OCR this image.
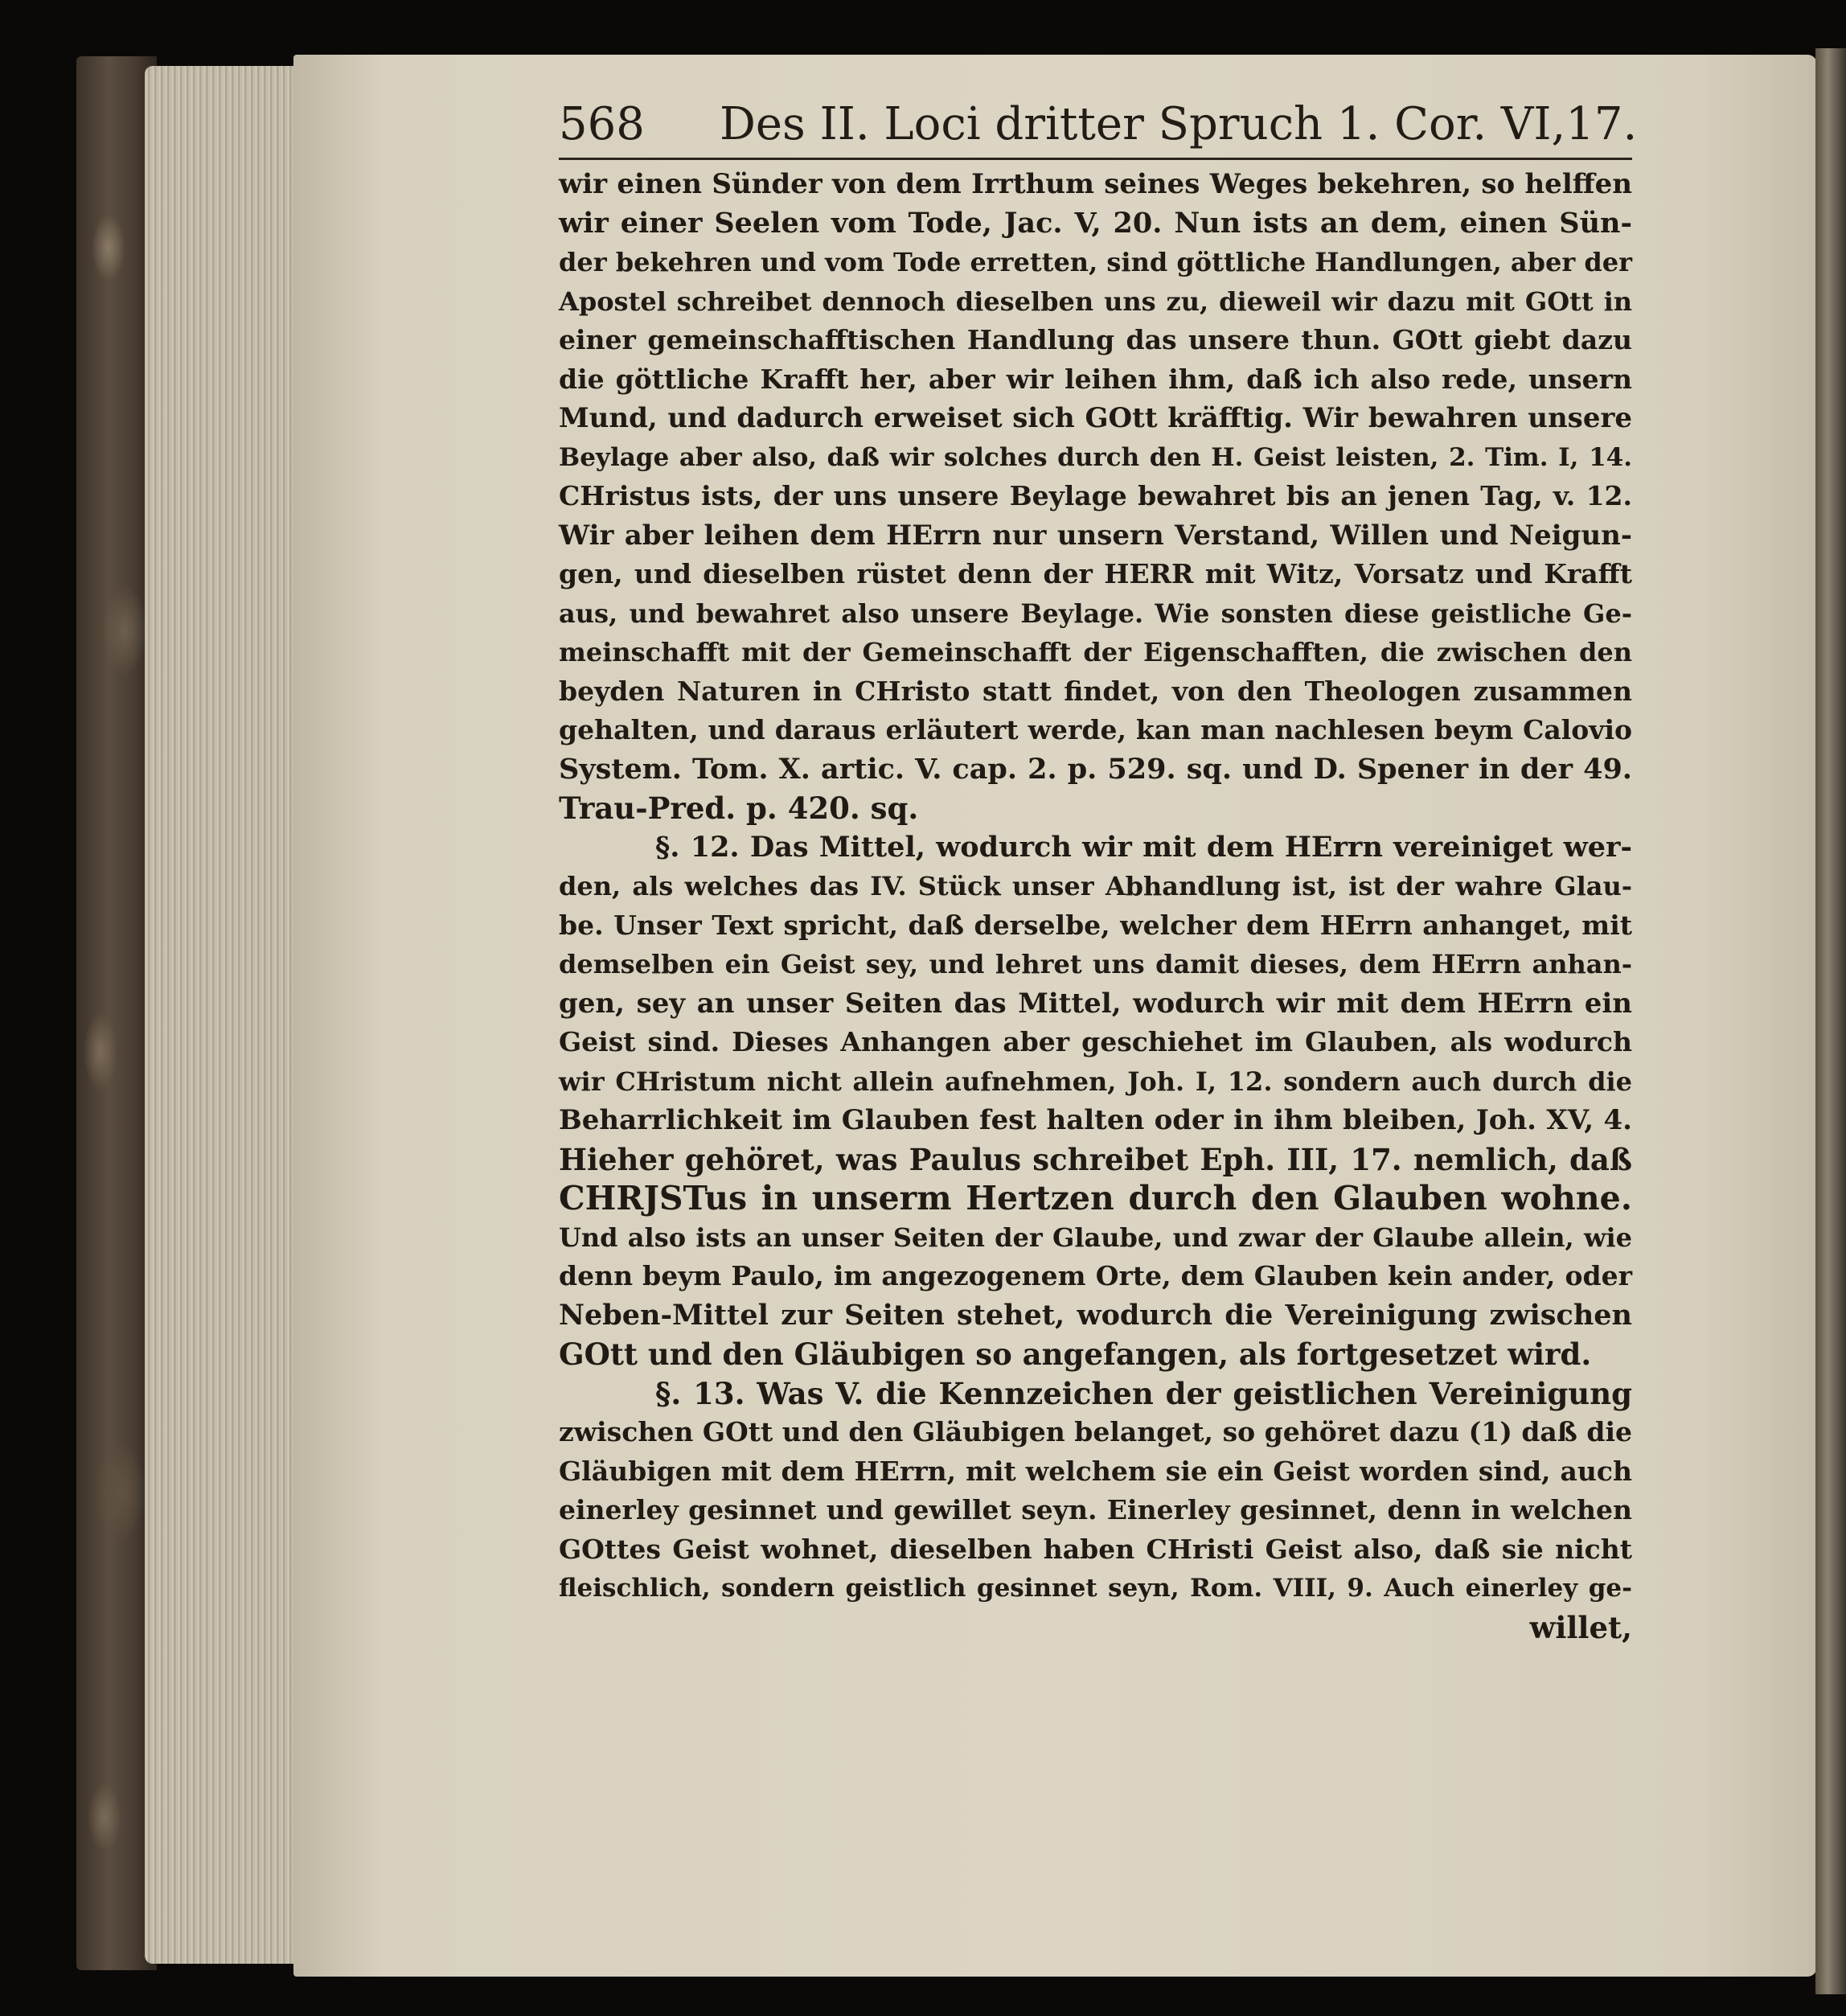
568 Des II. Loci dritter Spruch 1. Cor. VI,17.
wir einen Sünder von dem Irrthum seines Weges bekehren, so helffen
wir einer Seelen vom Tode, Jac. V, 20. Nun ists an dem, einen Sün-
der bekehren und vom Tode erretten, sind göttliche Handlungen, aber der
Apostel schreibet dennoch dieselben uns zu, dieweil wir dazu mit GOtt in
einer gemeinschafftischen Handlung das unsere thun. GOtt giebt dazu
die göttliche Krafft her, aber wir leihen ihm, daß ich also rede, unsern
Mund, und dadurch erweiset sich GOtt kräfftig. Wir bewahren unsere
Beylage aber also, daß wir solches durch den H. Geist leisten, 2. Tim. I, 14.
CHristus ists, der uns unsere Beylage bewahret bis an jenen Tag, v. 12.
Wir aber leihen dem HErrn nur unsern Verstand, Willen und Neigun-
gen, und dieselben rüstet denn der HERR mit Witz, Vorsatz und Krafft
aus, und bewahret also unsere Beylage. Wie sonsten diese geistliche Ge-
meinschafft mit der Gemeinschafft der Eigenschafften, die zwischen den
beyden Naturen in CHristo statt findet, von den Theologen zusammen
gehalten, und daraus erläutert werde, kan man nachlesen beym Calovio
System. Tom. X. artic. V. cap. 2. p. 529. sq. und D. Spener in der 49.
Trau-Pred. p. 420. sq.
§. 12. Das Mittel, wodurch wir mit dem HErrn vereiniget wer-
den, als welches das IV. Stück unser Abhandlung ist, ist der wahre Glau-
be. Unser Text spricht, daß derselbe, welcher dem HErrn anhanget, mit
demselben ein Geist sey, und lehret uns damit dieses, dem HErrn anhan-
gen, sey an unser Seiten das Mittel, wodurch wir mit dem HErrn ein
Geist sind. Dieses Anhangen aber geschiehet im Glauben, als wodurch
wir CHristum nicht allein aufnehmen, Joh. I, 12. sondern auch durch die
Beharrlichkeit im Glauben fest halten oder in ihm bleiben, Joh. XV, 4.
Hieher gehöret, was Paulus schreibet Eph. III, 17. nemlich, daß
CHRJSTus in unserm Hertzen durch den Glauben wohne.
Und also ists an unser Seiten der Glaube, und zwar der Glaube allein, wie
denn beym Paulo, im angezogenem Orte, dem Glauben kein ander, oder
Neben-Mittel zur Seiten stehet, wodurch die Vereinigung zwischen
GOtt und den Gläubigen so angefangen, als fortgesetzet wird.
§. 13. Was V. die Kennzeichen der geistlichen Vereinigung
zwischen GOtt und den Gläubigen belanget, so gehöret dazu (1) daß die
Gläubigen mit dem HErrn, mit welchem sie ein Geist worden sind, auch
einerley gesinnet und gewillet seyn. Einerley gesinnet, denn in welchen
GOttes Geist wohnet, dieselben haben CHristi Geist also, daß sie nicht
fleischlich, sondern geistlich gesinnet seyn, Rom. VIII, 9. Auch einerley ge-
willet,
